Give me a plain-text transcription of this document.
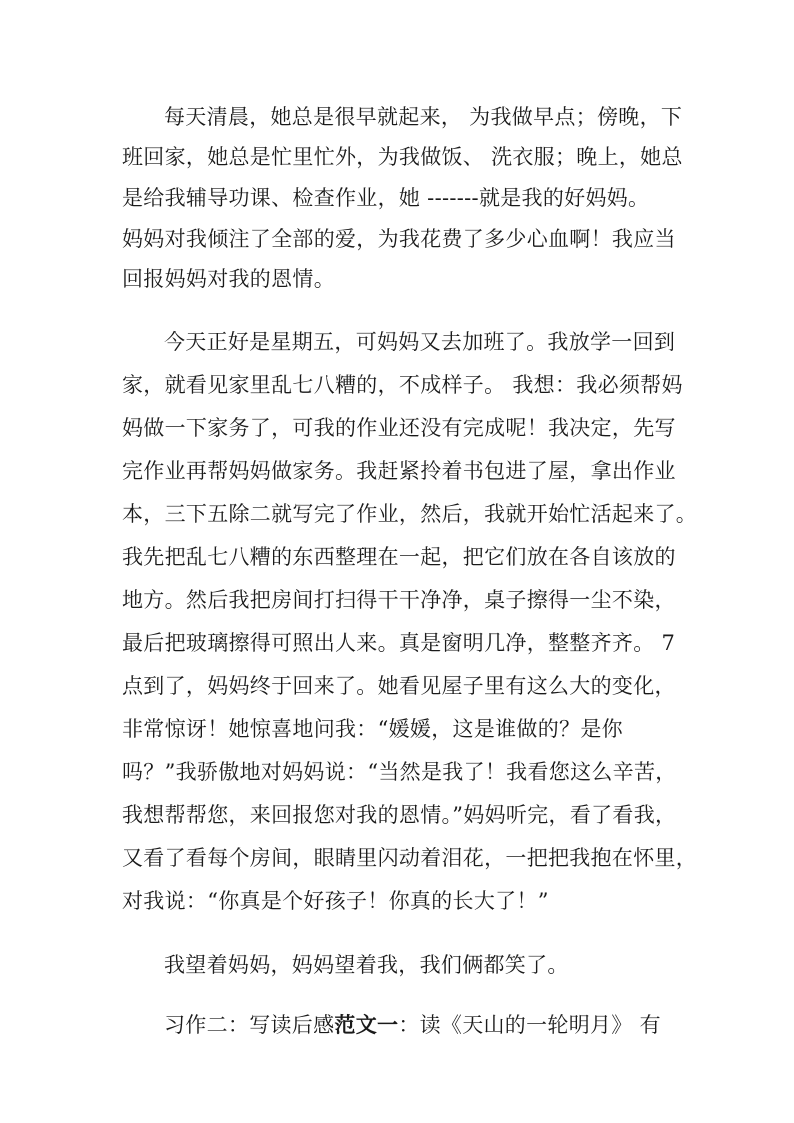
每天清晨，她总是很早就起来， 为我做早点；傍晚，下
班回家，她总是忙里忙外，为我做饭、 洗衣服；晚上，她总
是给我辅导功课、检查作业，她 -------就是我的好妈妈。
妈妈对我倾注了全部的爱，为我花费了多少心血啊！我应当
回报妈妈对我的恩情。
今天正好是星期五，可妈妈又去加班了。我放学一回到
家，就看见家里乱七八糟的，不成样子。 我想：我必须帮妈
妈做一下家务了，可我的作业还没有完成呢！我决定，先写
完作业再帮妈妈做家务。我赶紧拎着书包进了屋，拿出作业
本，三下五除二就写完了作业，然后，我就开始忙活起来了。
我先把乱七八糟的东西整理在一起，把它们放在各自该放的
地方。然后我把房间打扫得干干净净，桌子擦得一尘不染，
最后把玻璃擦得可照出人来。真是窗明几净，整整齐齐。 7
点到了，妈妈终于回来了。她看见屋子里有这么大的变化，
非常惊讶！她惊喜地问我：“媛媛，这是谁做的？是你
吗？”我骄傲地对妈妈说：“当然是我了！我看您这么辛苦，
我想帮帮您，来回报您对我的恩情。”妈妈听完，看了看我，
又看了看每个房间，眼睛里闪动着泪花，一把把我抱在怀里，
对我说：“你真是个好孩子！你真的长大了！”
我望着妈妈，妈妈望着我，我们俩都笑了。
习作二：写读后感范文一：读《天山的一轮明月》 有
